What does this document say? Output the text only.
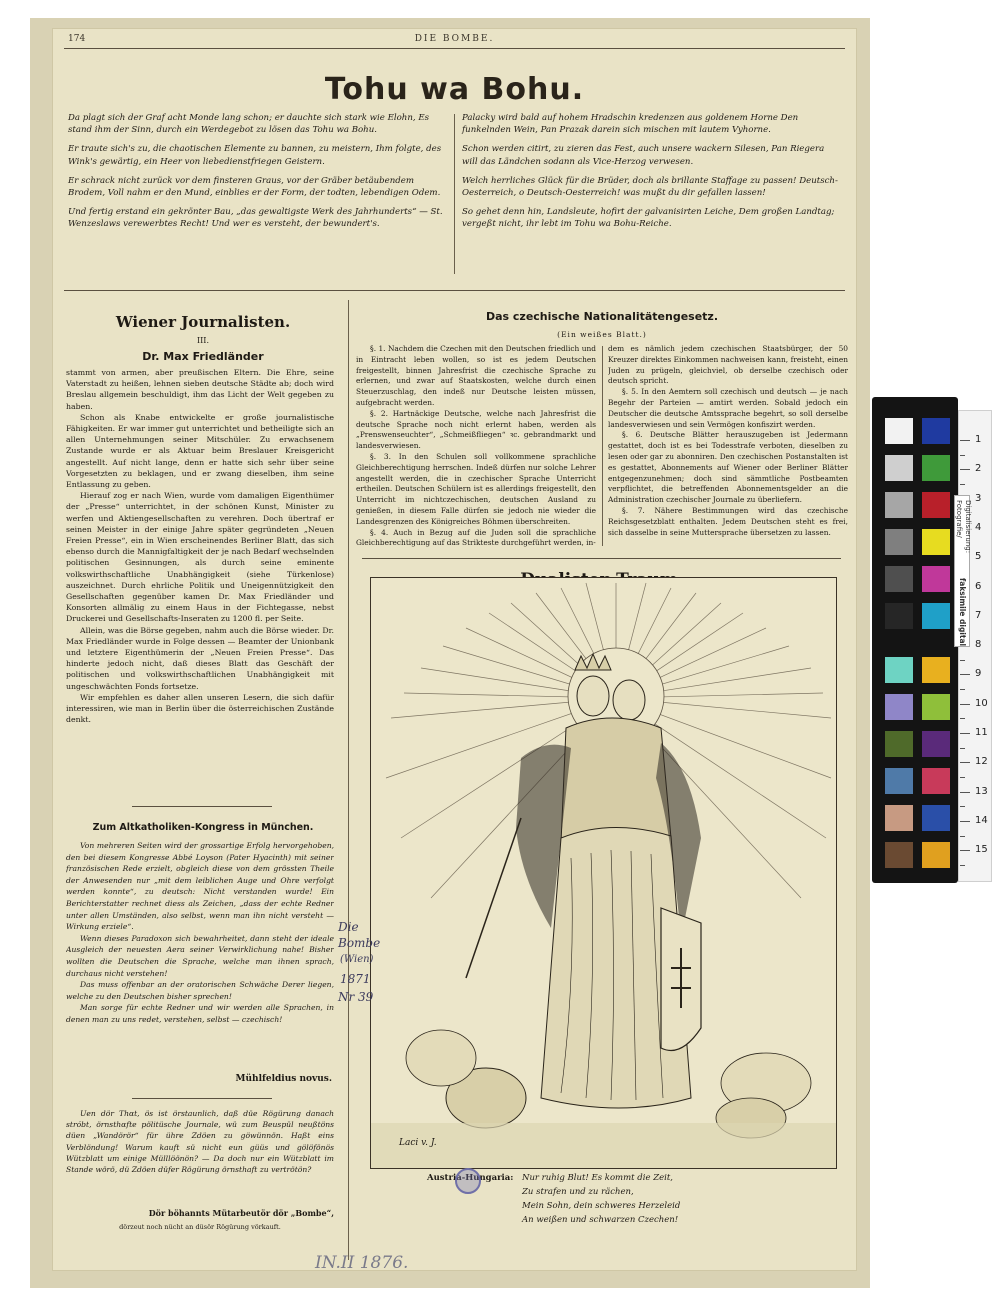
174	DIE BOMBE.
Tohu wa Bohu.

Da plagt sich der Graf acht Monde lang schon; er dauchte sich stark wie Elohn, Es stand ihm der Sinn, durch ein Werdegebot zu lösen das Tohu wa Bohu.

Er traute sich's zu, die chaotischen Elemente zu bannen, zu meistern, Ihm folgte, des Wink's gewärtig, ein Heer von liebedienstfriegen Geistern.

Er schrack nicht zurück vor dem finsteren Graus, vor der Gräber betäubendem Brodem, Voll nahm er den Mund, einblies er der Form, der todten, lebendigen Odem.

Und fertig erstand ein gekrönter Bau, „das gewaltigste Werk des Jahrhunderts“ — St. Wenzeslaws verewerbtes Recht! Und wer es versteht, der bewundert's.

Palacky wird bald auf hohem Hradschin kredenzen aus goldenem Horne Den funkelnden Wein, Pan Prazak darein sich mischen mit lautem Vyhorne.

Schon werden citirt, zu zieren das Fest, auch unsere wackern Silesen, Pan Riegera will das Ländchen sodann als Vice-Herzog verwesen.

Welch herrliches Glück für die Brüder, doch als brillante Staffage zu passen! Deutsch-Oesterreich, o Deutsch-Oesterreich! was mußt du dir gefallen lassen!

So gehet denn hin, Landsleute, hofirt der galvanisirten Leiche, Dem großen Landtag; vergeßt nicht, ihr lebt im Tohu wa Bohu-Reiche.

Wiener Journalisten.
III.
Dr. Max Friedländer

stammt von armen, aber preußischen Eltern. Die Ehre, seine Vaterstadt zu heißen, lehnen sieben deutsche Städte ab; doch wird Breslau allgemein beschuldigt, ihm das Licht der Welt gegeben zu haben.

Schon als Knabe entwickelte er große journalistische Fähigkeiten. Er war immer gut unterrichtet und betheiligte sich an allen Unternehmungen seiner Mitschüler. Zu erwachsenem Zustande wurde er als Aktuar beim Breslauer Kreisgericht angestellt. Auf nicht lange, denn er hatte sich sehr über seine Vorgesetzten zu beklagen, und er zwang dieselben, ihm seine Entlassung zu geben.

Hierauf zog er nach Wien, wurde vom damaligen Eigenthümer der „Presse“ unterrichtet, in der schönen Kunst, Minister zu werfen und Aktiengesellschaften zu verehren. Doch übertraf er seinen Meister in der einige Jahre später gegründeten „Neuen Freien Presse“, ein in Wien erscheinendes Berliner Blatt, das sich ebenso durch die Mannigfaltigkeit der je nach Bedarf wechselnden politischen Gesinnungen, als durch seine eminente volkswirthschaftliche Unabhängigkeit (siehe Türkenlose) auszeichnet. Durch ehrliche Politik und Uneigennützigkeit den Gesellschaften gegenüber kamen Dr. Max Friedländer und Konsorten allmälig zu einem Haus in der Fichtegasse, nebst Druckerei und Gesellschafts-Inseraten zu 1200 fl. per Seite.

Allein, was die Börse gegeben, nahm auch die Börse wieder. Dr. Max Friedländer wurde in Folge dessen — Beamter der Unionbank und letztere Eigenthümerin der „Neuen Freien Presse“. Das hinderte jedoch nicht, daß dieses Blatt das Geschäft der politischen und volkswirthschaftlichen Unabhängigkeit mit ungeschwächten Fonds fortsetze.

Wir empfehlen es daher allen unseren Lesern, die sich dafür interessiren, wie man in Berlin über die österreichischen Zustände denkt.

Zum Altkatholiken-Kongress in München.

Von mehreren Seiten wird der grossartige Erfolg hervorgehoben, den bei diesem Kongresse Abbé Loyson (Pater Hyacinth) mit seiner französischen Rede erzielt, obgleich diese von dem grössten Theile der Anwesenden nur „mit dem leiblichen Auge und Ohre verfolgt werden konnte“, zu deutsch: Nicht verstanden wurde! Ein Berichterstatter rechnet diess als Zeichen, „dass der echte Redner unter allen Umständen, also selbst, wenn man ihn nicht versteht — Wirkung erziele“.

Wenn dieses Paradoxon sich bewahrheitet, dann steht der ideale Ausgleich der neuesten Aera seiner Verwirklichung nahe! Bisher wollten die Deutschen die Sprache, welche man ihnen sprach, durchaus nicht verstehen!

Das muss offenbar an der oratorischen Schwäche Derer liegen, welche zu den Deutschen bisher sprechen!

Man sorge für echte Redner und wir werden alle Sprachen, in denen man zu uns redet, verstehen, selbst — czechisch!

Mühlfeldius novus.

Uen dör Thαt, ös ist örstaunlich, daß düe Rögürung danach strόbt, örnsthαfte pölitüsche Journale, wü zum Beuspül neußtöns düen „Wandörör“ für ühre Zdöen zu göwünnön. Haßt eins Verblöndung! Warum kauft sü nicht eun güüs und gölöfönös Wützblatt um einige Mülllöönön? — Da doch nur ein Wützblatt im Stande wörö, dü Zdöen düfer Rögürung örnsthaft zu vertrötön?

Dör böhannts Mütarbeutör dör „Bombe“,
dörzeut noch nücht an düsör Rögürung vörkauft.
Das czechische Nationalitätengesetz.
(Ein weißes Blatt.)

§. 1. Nachdem die Czechen mit den Deutschen friedlich und in Eintracht leben wollen, so ist es jedem Deutschen freigestellt, binnen Jahresfrist die czechische Sprache zu erlernen, und zwar auf Staatskosten, welche durch einen Steuerzuschlag, den indeß nur Deutsche leisten müssen, aufgebracht werden.

§. 2. Hartnäckige Deutsche, welche nach Jahresfrist die deutsche Sprache noch nicht erlernt haben, werden als „Prenswenseuchter“, „Schmeißfliegen“ ꝛc. gebrandmarkt und landesverwiesen.

§. 3. In den Schulen soll vollkommene sprachliche Gleichberechtigung herrschen. Indeß dürfen nur solche Lehrer angestellt werden, die in czechischer Sprache Unterricht ertheilen. Deutschen Schülern ist es allerdings freigestellt, den Unterricht im nichtczechischen, deutschen Ausland zu genießen, in diesem Falle dürfen sie jedoch nie wieder die Landesgrenzen des Königreiches Böhmen überschreiten.

§. 4. Auch in Bezug auf die Juden soll die sprachliche Gleichberechtigung auf das Strikteste durchgeführt werden, in-

dem es nämlich jedem czechischen Staatsbürger, der 50 Kreuzer direktes Einkommen nachweisen kann, freisteht, einen Juden zu prügeln, gleichviel, ob derselbe czechisch oder deutsch spricht.

§. 5. In den Aemtern soll czechisch und deutsch — je nach Begehr der Parteien — amtirt werden. Sobald jedoch ein Deutscher die deutsche Amtssprache begehrt, so soll derselbe landesverwiesen und sein Vermögen konfiszirt werden.

§. 6. Deutsche Blätter herauszugeben ist Jedermann gestattet, doch ist es bei Todesstrafe verboten, dieselben zu lesen oder gar zu abonniren. Den czechischen Postanstalten ist es gestattet, Abonnements auf Wiener oder Berliner Blätter entgegenzunehmen; doch sind sämmtliche Postbeamten verpflichtet, die betreffenden Abonnementsgelder an die Administration czechischer Journale zu überliefern.

§. 7. Nähere Bestimmungen wird das czechische Reichsgesetzblatt enthalten. Jedem Deutschen steht es frei, sich dasselbe in seine Muttersprache übersetzen zu lassen.

Laci v. J.
Austria-Hungaria: Nur ruhig Blut! Es kommt die Zeit,
Zu strafen und zu rächen,
Mein Sohn, dein schweres Herzeleid
An weißen und schwarzen Czechen!
Die
Bombe
(Wien)
1871
Nr 39
IN.II 1876.
1
2
3
4
5
6
7
8
9
10
11
12
13
14
15
Fotografie/ Digitalisierung:
faksimile digital
